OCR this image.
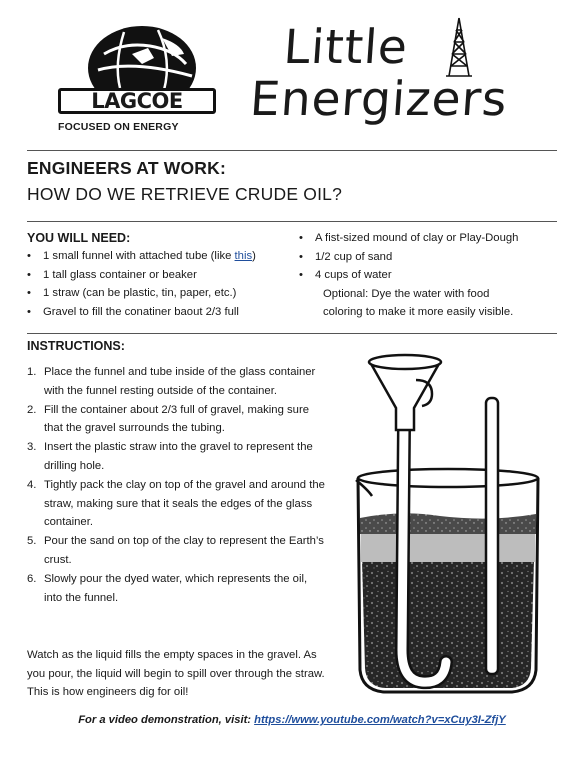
LAGCOE
FOCUSED ON ENERGY
Little
Energizers
ENGINEERS AT WORK:
HOW DO WE RETRIEVE CRUDE OIL?
YOU WILL NEED:
• 1 small funnel with attached tube (like this)
• 1 tall glass container or beaker
• 1 straw (can be plastic, tin, paper, etc.)
• Gravel to fill the conatiner baout 2/3 full
• A fist-sized mound of clay or Play-Dough
• 1/2 cup of sand
• 4 cups of water
Optional: Dye the water with food
coloring to make it more easily visible.
INSTRUCTIONS:
1. Place the funnel and tube inside of the glass container with the funnel resting outside of the container.
2. Fill the container about 2/3 full of gravel, making sure that the gravel surrounds the tubing.
3. Insert the plastic straw into the gravel to represent the drilling hole.
4. Tightly pack the clay on top of the gravel and around the straw, making sure that it seals the edges of the glass container.
5. Pour the sand on top of the clay to represent the Earth’s crust.
6. Slowly pour the dyed water, which represents the oil, into the funnel.
Watch as the liquid fills the empty spaces in the gravel. As you pour, the liquid will begin to spill over through the straw. This is how engineers dig for oil!
For a video demonstration, visit: https://www.youtube.com/watch?v=xCuy3I-ZfjY
